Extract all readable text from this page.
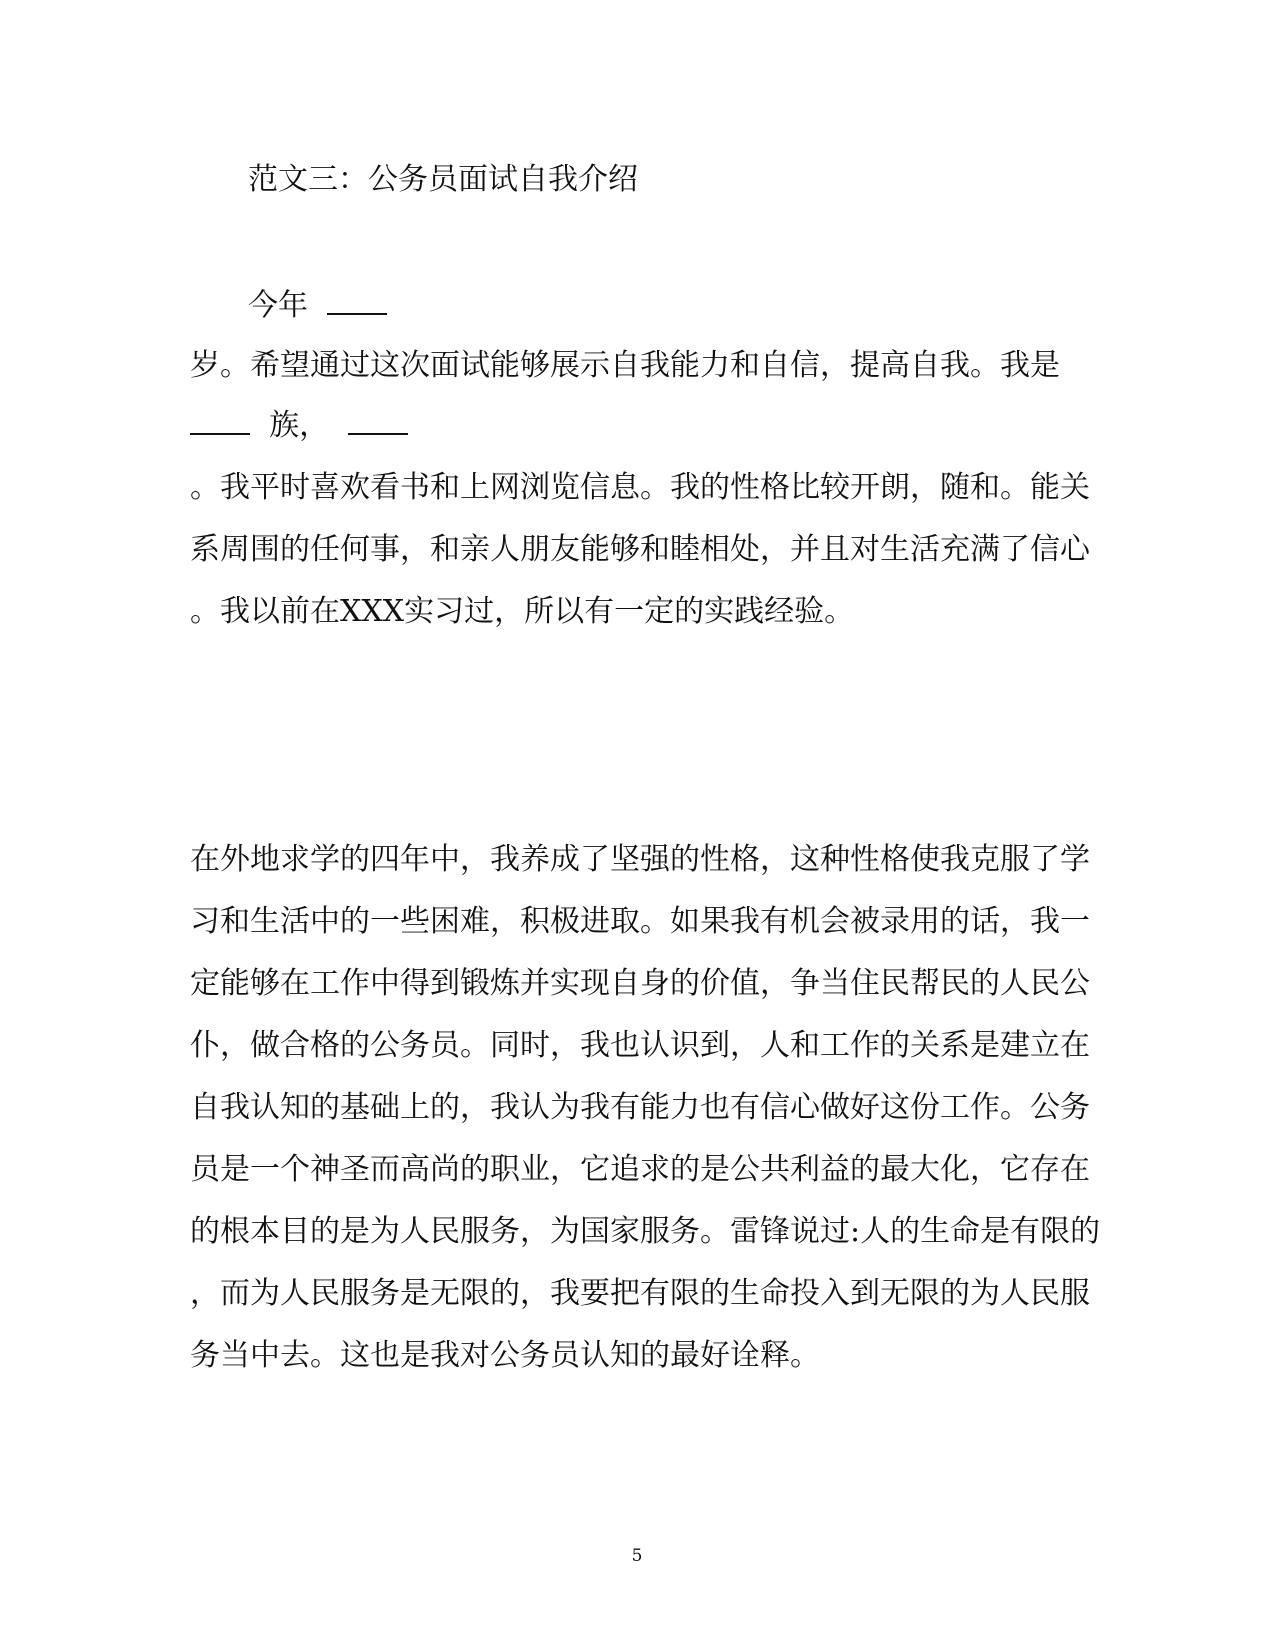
范文三：公务员面试自我介绍

今年

岁。希望通过这次面试能够展示自我能力和自信，提高自我。我是

族，

。我平时喜欢看书和上网浏览信息。我的性格比较开朗，随和。能关

系周围的任何事，和亲人朋友能够和睦相处，并且对生活充满了信心

。我以前在XXX实习过，所以有一定的实践经验。

在外地求学的四年中，我养成了坚强的性格，这种性格使我克服了学

习和生活中的一些困难，积极进取。如果我有机会被录用的话，我一

定能够在工作中得到锻炼并实现自身的价值，争当住民帮民的人民公

仆，做合格的公务员。同时，我也认识到，人和工作的关系是建立在

自我认知的基础上的，我认为我有能力也有信心做好这份工作。公务

员是一个神圣而高尚的职业，它追求的是公共利益的最大化，它存在

的根本目的是为人民服务，为国家服务。雷锋说过:人的生命是有限的

，而为人民服务是无限的，我要把有限的生命投入到无限的为人民服

务当中去。这也是我对公务员认知的最好诠释。

5
